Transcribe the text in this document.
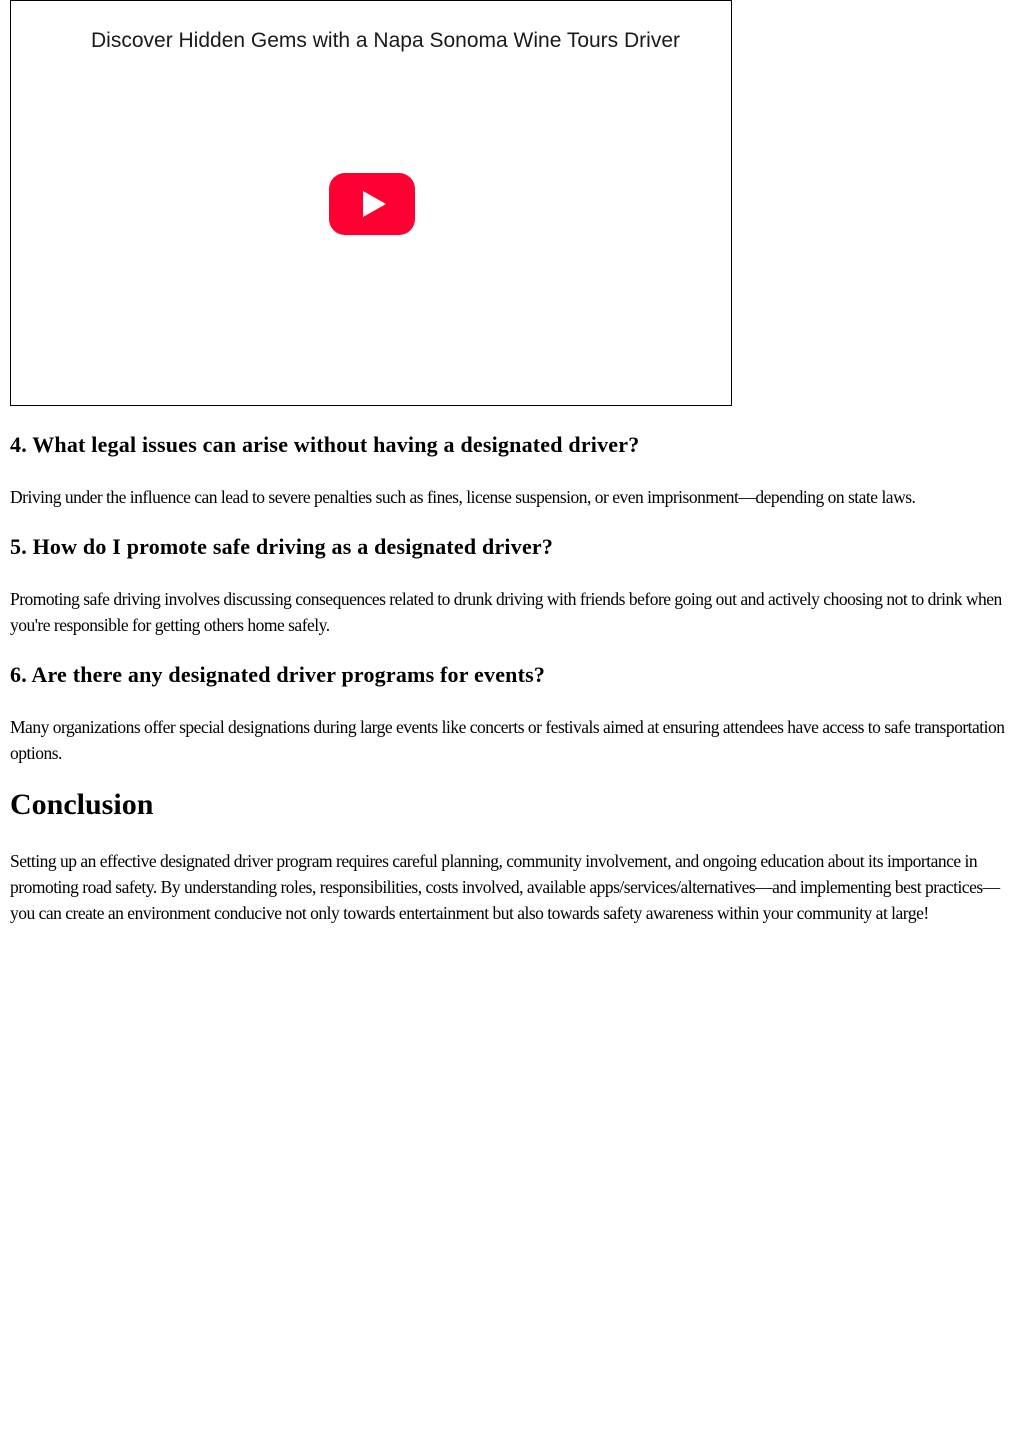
Discover Hidden Gems with a Napa Sonoma Wine Tours Driver
4. What legal issues can arise without having a designated driver?

Driving under the influence can lead to severe penalties such as fines, license suspension, or even imprisonment—depending on state laws.

5. How do I promote safe driving as a designated driver?

Promoting safe driving involves discussing consequences related to drunk driving with friends before going out and actively choosing not to drink when you're responsible for getting others home safely.

6. Are there any designated driver programs for events?

Many organizations offer special designations during large events like concerts or festivals aimed at ensuring attendees have access to safe transportation options.

Conclusion

Setting up an effective designated driver program requires careful planning, community involvement, and ongoing education about its importance in promoting road safety. By understanding roles, responsibilities, costs involved, available apps/services/alternatives—and implementing best practices—you can create an environment conducive not only towards entertainment but also towards safety awareness within your community at large!
